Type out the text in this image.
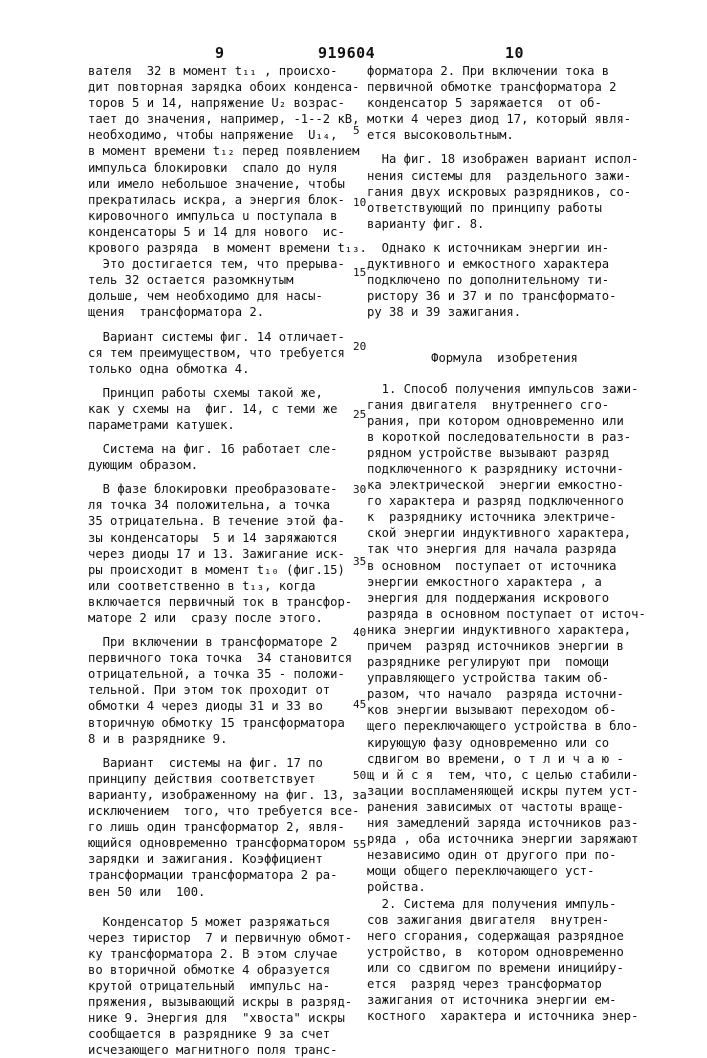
9	919604	10
5
10
15
20
25
30
35
40
45
50
55

вателя  32 в момент t₁₁ , происхо-

дит повторная зарядка обоих конденса-

торов 5 и 14, напряжение U₂ возрас-

тает до значения, например, -1--2 кВ,

необходимо, чтобы напряжение  U₁₄,

в момент времени t₁₂ перед появлением

импульса блокировки  спало до нуля

или имело небольшое значение, чтобы

прекратилась искра, а энергия блок-

кировочного импульса u поступала в

конденсаторы 5 и 14 для нового  ис-

крового разряда  в момент времени t₁₃.

Это достигается тем, что прерыва-

тель 32 остается разомкнутым

дольше, чем необходимо для насы-

щения  трансформатора 2.

Вариант системы фиг. 14 отличает-

ся тем преимуществом, что требуется

только одна обмотка 4.

Принцип работы схемы такой же,

как у схемы на  фиг. 14, с теми же

параметрами катушек.

Система на фиг. 16 работает сле-

дующим образом.

В фазе блокировки преобразовате-

ля точка 34 положительна, а точка

35 отрицательна. В течение этой фа-

зы конденсаторы  5 и 14 заряжаются

через диоды 17 и 13. Зажигание иск-

ры происходит в момент t₁₀ (фиг.15)

или соответственно в t₁₃, когда

включается первичный ток в трансфор-

маторе 2 или  сразу после этого.

При включении в трансформаторе 2

первичного тока точка  34 становится

отрицательной, а точка 35 - положи-

тельной. При этом ток проходит от

обмотки 4 через диоды 31 и 33 во

вторичную обмотку 15 трансформатора

8 и в разряднике 9.

Вариант  системы на фиг. 17 по

принципу действия соответствует

варианту, изображенному на фиг. 13, за

исключением  того, что требуется все-

го лишь один трансформатор 2, явля-

ющийся одновременно трансформатором

зарядки и зажигания. Коэффициент

трансформации трансформатора 2 ра-

вен 50 или  100.

Конденсатор 5 может разряжаться

через тиристор  7 и первичную обмот-

ку трансформатора 2. В этом случае

во вторичной обмотке 4 образуется

крутой отрицательный  импульс на-

пряжения, вызывающий искры в разряд-

нике 9. Энергия для  "хвоста" искры

сообщается в разряднике 9 за счет

исчезающего магнитного поля транс-

форматора 2. При включении тока в

первичной обмотке трансформатора 2

конденсатор 5 заряжается  от об-

мотки 4 через диод 17, который явля-

ется высоковольтным.

На фиг. 18 изображен вариант испол-

нения системы для  раздельного зажи-

гания двух искровых разрядников, со-

ответствующий по принципу работы

варианту фиг. 8.

Однако к источникам энергии ин-

дуктивного и емкостного характера

подключено по дополнительному ти-

ристору 36 и 37 и по трансформато-

ру 38 и 39 зажигания.

Формула  изобретения

1. Способ получения импульсов зажи-

гания двигателя  внутреннего сго-

рания, при котором одновременно или

в короткой последовательности в раз-

рядном устройстве вызывают разряд

подключенного к разряднику источни-

ка электрической  энергии емкостно-

го характера и разряд подключенного

к  разряднику источника электриче-

ской энергии индуктивного характера,

так что энергия для начала разряда

в основном  поступает от источника

энергии емкостного характера , а

энергия для поддержания искрового

разряда в основном поступает от источ-

ника энергии индуктивного характера,

причем  разряд источников энергии в

разряднике регулируют при  помощи

управляющего устройства таким об-

разом, что начало  разряда источни-

ков энергии вызывают переходом об-

щего переключающего устройства в бло-

кирующую фазу одновременно или со

сдвигом во времени, о т л и ч а ю -

щ и й с я  тем, что, с целью стабили-

зации воспламеняющей искры путем уст-

ранения зависимых от частоты враще-

ния замедлений заряда источников раз-

ряда , оба источника энергии заряжают

независимо один от другого при по-

мощи общего переключающего уст-

ройства.

2. Система для получения импуль-

сов зажигания двигателя  внутрен-

него сгорания, содержащая разрядное

устройство, в  котором одновременно

или со сдвигом по времени иниции́ру-

ется  разряд через трансформатор

зажигания от источника энергии ем-

костного  характера и источника энер-
